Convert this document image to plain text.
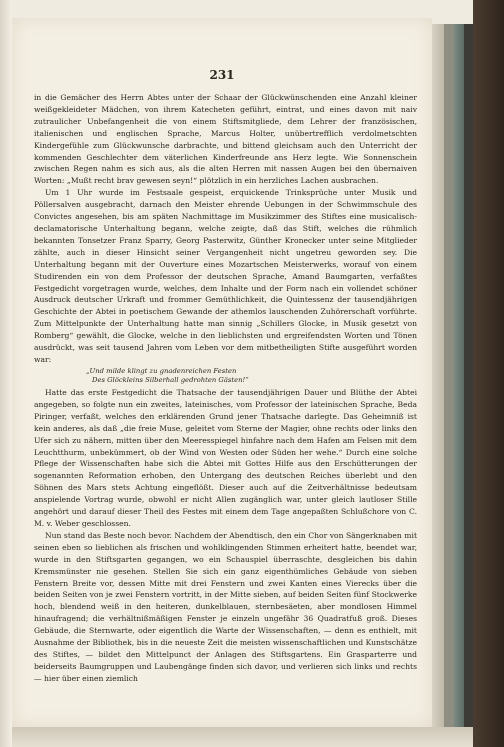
231

in die Gemächer des Herrn Abtes unter der Schaar der Glückwünschenden eine Anzahl kleiner weißgekleideter Mädchen, von ihrem Katecheten geführt, eintrat, und eines davon mit naiv zutraulicher Unbefangenheit die von einem Stiftsmitgliede, dem Lehrer der französischen, italienischen und englischen Sprache, Marcus Holter, unübertrefflich verdolmetschten Kindergefühle zum Glückwunsche darbrachte, und bittend gleichsam auch den Unterricht der kommenden Geschlechter dem väterlichen Kinderfreunde ans Herz legte. Wie Sonnenschein zwischen Regen nahm es sich aus, als die alten Herren mit nassen Augen bei den übernaiven Worten: „Mußt recht brav gewesen seyn!“ plötzlich in ein herzliches Lachen ausbrachen.

Um 1 Uhr wurde im Festsaale gespeist, erquickende Trinksprüche unter Musik und Pöllersalven ausgebracht, darnach den Meister ehrende Uebungen in der Schwimmschule des Convictes angesehen, bis am späten Nachmittage im Musikzimmer des Stiftes eine musicalisch-declamatorische Unterhaltung begann, welche zeigte, daß das Stift, welches die rühmlich bekannten Tonsetzer Franz Sparry, Georg Pasterwitz, Günther Kronecker unter seine Mitglieder zählte, auch in dieser Hinsicht seiner Vergangenheit nicht ungetreu geworden sey. Die Unterhaltung begann mit der Ouverture eines Mozartschen Meisterwerks, worauf von einem Studirenden ein von dem Professor der deutschen Sprache, Amand Baumgarten, verfaßtes Festgedicht vorgetragen wurde, welches, dem Inhalte und der Form nach ein vollendet schöner Ausdruck deutscher Urkraft und frommer Gemüthlichkeit, die Quintessenz der tausendjährigen Geschichte der Abtei in poetischem Gewande der athemlos lauschenden Zuhörerschaft vorführte. Zum Mittelpunkte der Unterhaltung hatte man sinnig „Schillers Glocke, in Musik gesetzt von Romberg“ gewählt, die Glocke, welche in den lieblichsten und ergreifendsten Worten und Tönen ausdrückt, was seit tausend Jahren vom Leben vor dem mitbetheiligten Stifte ausgeführt worden war:

„Und milde klingt zu gnadenreichen Festen
Des Glöckleins Silberhall gedrohten Gästen!“

Hatte das erste Festgedicht die Thatsache der tausendjährigen Dauer und Blüthe der Abtei angegeben, so folgte nun ein zweites, lateinisches, vom Professor der lateinischen Sprache, Beda Piringer, verfaßt, welches den erklärenden Grund jener Thatsache darlegte. Das Geheimniß ist kein anderes, als daß „die freie Muse, geleitet vom Sterne der Magier, ohne rechts oder links den Ufer sich zu nähern, mitten über den Meeresspiegel hinfahre nach dem Hafen am Felsen mit dem Leuchtthurm, unbekümmert, ob der Wind von Westen oder Süden her wehe.“ Durch eine solche Pflege der Wissenschaften habe sich die Abtei mit Gottes Hilfe aus den Erschütterungen der sogenannten Reformation erhoben, den Untergang des deutschen Reiches überlebt und den Söhnen des Mars stets Achtung eingeflößt. Dieser auch auf die Zeitverhältnisse bedeutsam anspielende Vortrag wurde, obwohl er nicht Allen zugänglich war, unter gleich lautloser Stille angehört und darauf dieser Theil des Festes mit einem dem Tage angepaßten Schlußchore von C. M. v. Weber geschlossen.

Nun stand das Beste noch bevor. Nachdem der Abendtisch, den ein Chor von Sängerknaben mit seinen eben so lieblichen als frischen und wohlklingenden Stimmen erheitert hatte, beendet war, wurde in den Stiftsgarten gegangen, wo ein Schauspiel überraschte, desgleichen bis dahin Kremsmünster nie gesehen. Stellen Sie sich ein ganz eigenthümliches Gebäude von sieben Fenstern Breite vor, dessen Mitte mit drei Fenstern und zwei Kanten eines Vierecks über die beiden Seiten von je zwei Fenstern vortritt, in der Mitte sieben, auf beiden Seiten fünf Stockwerke hoch, blendend weiß in den heiteren, dunkelblauen, sternbesäeten, aber mondlosen Himmel hinaufragend; die verhältnißmäßigen Fenster je einzeln ungefähr 36 Quadratfuß groß. Dieses Gebäude, die Sternwarte, oder eigentlich die Warte der Wissenschaften, — denn es enthielt, mit Ausnahme der Bibliothek, bis in die neueste Zeit die meisten wissenschaftlichen und Kunstschätze des Stiftes, — bildet den Mittelpunct der Anlagen des Stiftsgartens. Ein Grasparterre und beiderseits Baumgruppen und Laubengänge finden sich davor, und verlieren sich links und rechts — hier über einen ziemlich
